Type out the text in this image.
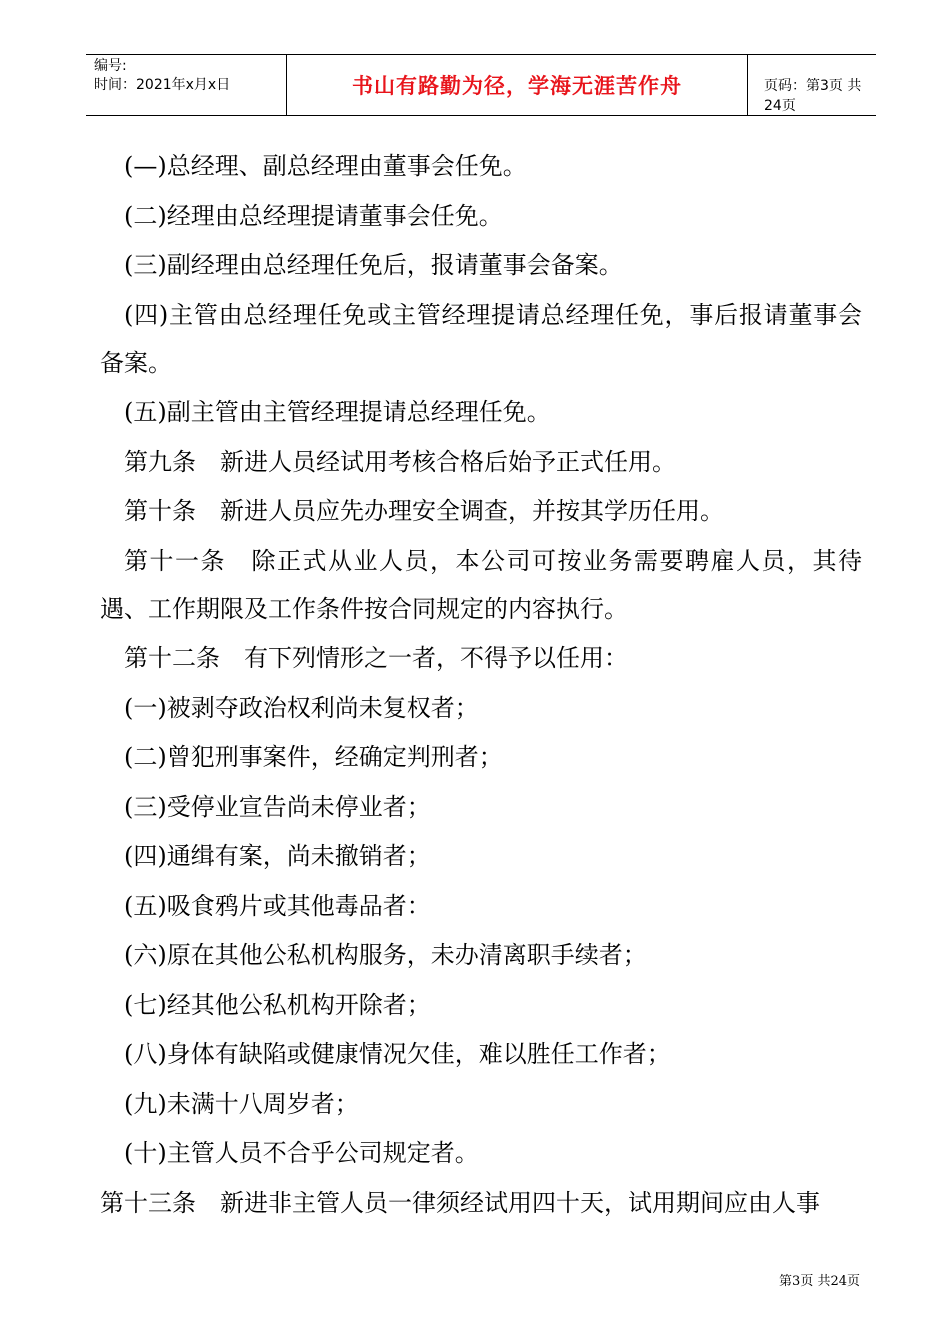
编号:
时间：2021年x月x日	书山有路勤为径，学海无涯苦作舟	页码：第3页 共24页

(—)总经理、副总经理由董事会任免。

(二)经理由总经理提请董事会任免。

(三)副经理由总经理任免后，报请董事会备案。

(四)主管由总经理任免或主管经理提请总经理任免，事后报请董事会备案。

(五)副主管由主管经理提请总经理任免。

第九条　新进人员经试用考核合格后始予正式任用。

第十条　新进人员应先办理安全调查，并按其学历任用。

第十一条　除正式从业人员，本公司可按业务需要聘雇人员，其待遇、工作期限及工作条件按合同规定的内容执行。

第十二条　有下列情形之一者，不得予以任用：

(一)被剥夺政治权利尚未复权者；

(二)曾犯刑事案件，经确定判刑者；

(三)受停业宣告尚未停业者；

(四)通缉有案，尚未撤销者；

(五)吸食鸦片或其他毒品者：

(六)原在其他公私机构服务，未办清离职手续者；

(七)经其他公私机构开除者；

(八)身体有缺陷或健康情况欠佳，难以胜任工作者；

(九)未满十八周岁者；

(十)主管人员不合乎公司规定者。

第十三条　新进非主管人员一律须经试用四十天，试用期间应由人事

第3页 共24页
